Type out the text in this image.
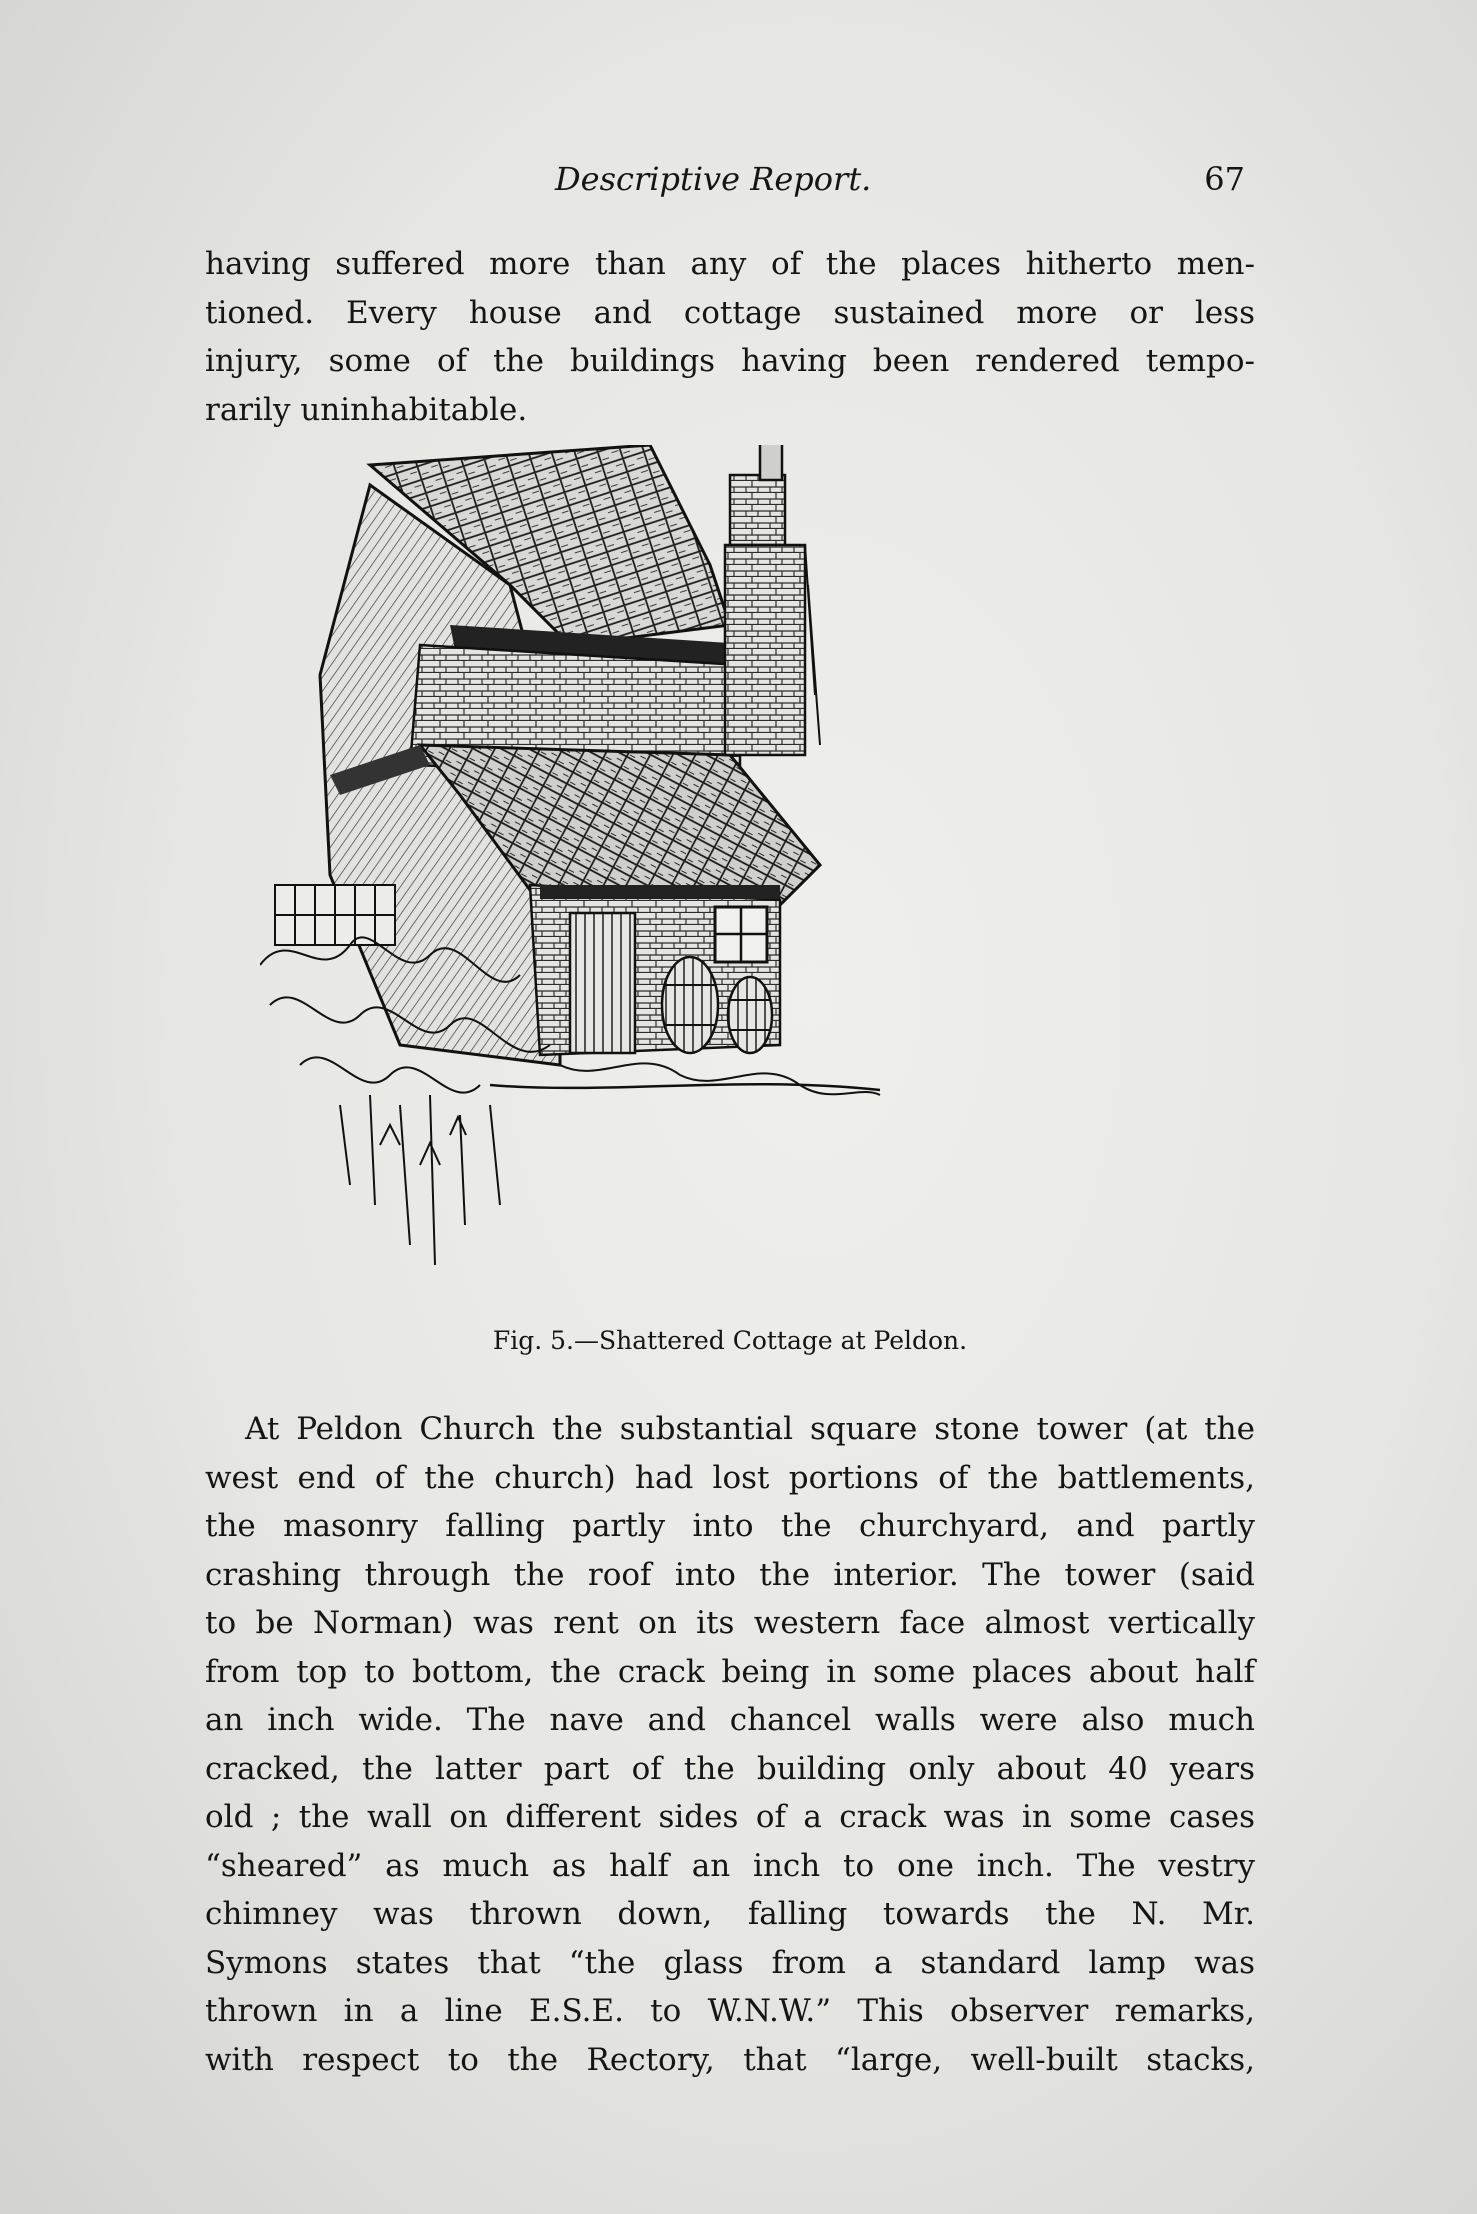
Descriptive Report.	67
having suffered more than any of the places hitherto men-
tioned. Every house and cottage sustained more or less
injury, some of the buildings having been rendered tempo-
rarily uninhabitable.
Fig. 5.—Shattered Cottage at Peldon.
At Peldon Church the substantial square stone tower (at the
west end of the church) had lost portions of the battlements,
the masonry falling partly into the churchyard, and partly
crashing through the roof into the interior. The tower (said
to be Norman) was rent on its western face almost vertically
from top to bottom, the crack being in some places about half
an inch wide. The nave and chancel walls were also much
cracked, the latter part of the building only about 40 years
old ; the wall on different sides of a crack was in some cases
“sheared” as much as half an inch to one inch. The vestry
chimney was thrown down, falling towards the N. Mr.
Symons states that “the glass from a standard lamp was
thrown in a line E.S.E. to W.N.W.” This observer remarks,
with respect to the Rectory, that “large, well-built stacks,
